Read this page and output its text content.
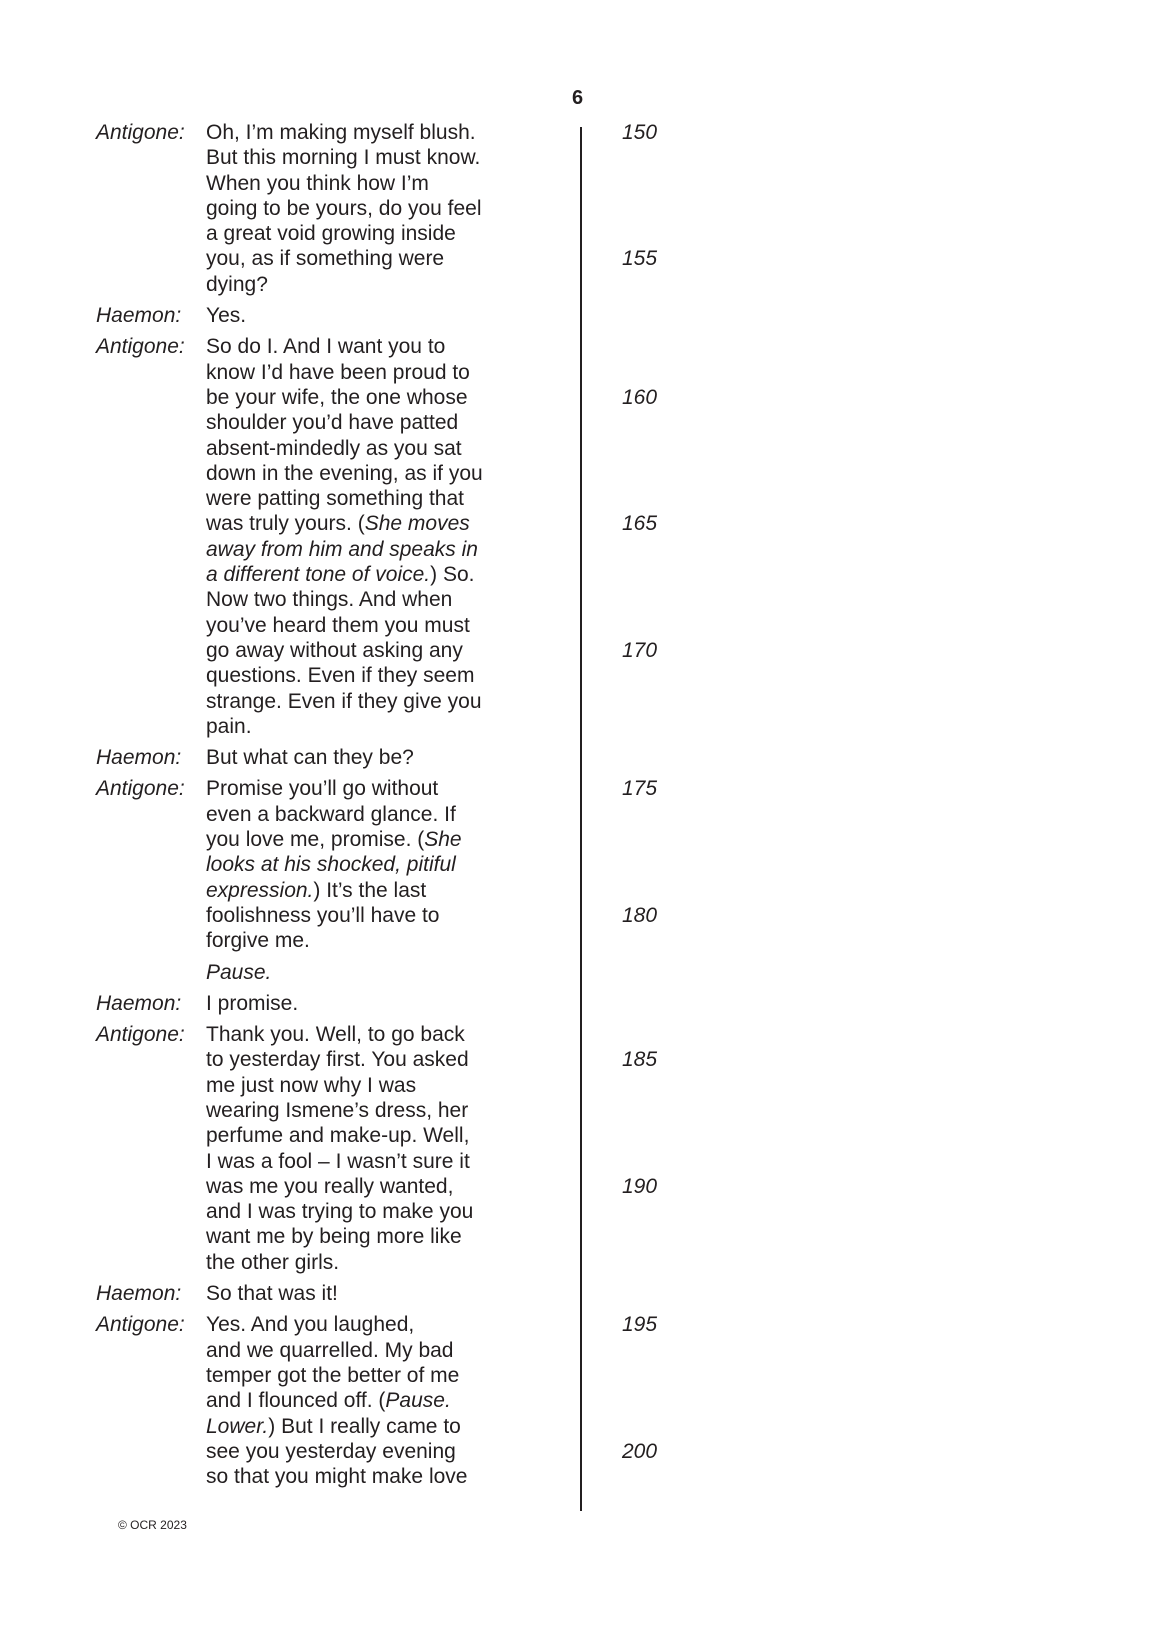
6
Antigone: Oh, I’m making myself blush.	150
But this morning I must know.
When you think how I’m
going to be yours, do you feel
a great void growing inside
you, as if something were	155
dying?
Haemon: Yes.
Antigone: So do I. And I want you to
know I’d have been proud to
be your wife, the one whose	160
shoulder you’d have patted
absent-mindedly as you sat
down in the evening, as if you
were patting something that
was truly yours. (She moves	165
away from him and speaks in
a different tone of voice.) So.
Now two things. And when
you’ve heard them you must
go away without asking any	170
questions. Even if they seem
strange. Even if they give you
pain.
Haemon: But what can they be?
Antigone: Promise you’ll go without	175
even a backward glance. If
you love me, promise. (She
looks at his shocked, pitiful
expression.) It’s the last
foolishness you’ll have to	180
forgive me.
Pause.
Haemon: I promise.
Antigone: Thank you. Well, to go back
to yesterday first. You asked	185
me just now why I was
wearing Ismene’s dress, her
perfume and make-up. Well,
I was a fool – I wasn’t sure it
was me you really wanted,	190
and I was trying to make you
want me by being more like
the other girls.
Haemon: So that was it!
Antigone: Yes. And you laughed,	195
and we quarrelled. My bad
temper got the better of me
and I flounced off. (Pause.
Lower.) But I really came to
see you yesterday evening	200
so that you might make love
© OCR 2023
